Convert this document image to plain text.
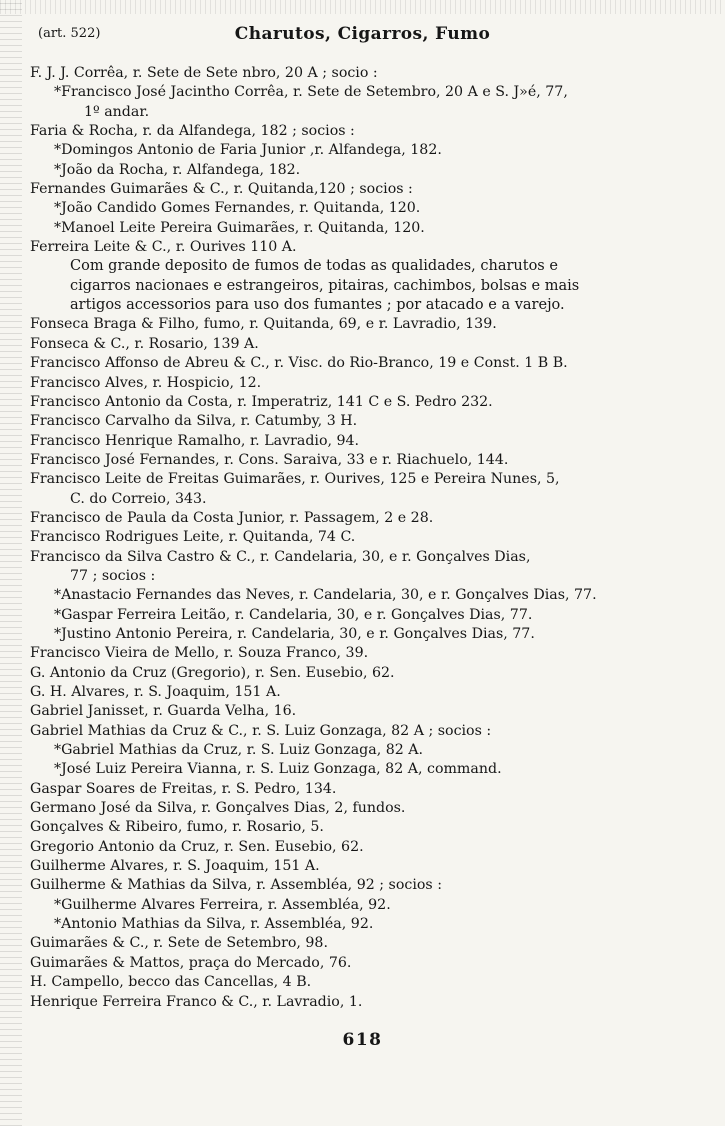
(art. 522)	Charutos, Cigarros, Fumo
F. J. J. Corrêa, r. Sete de Sete nbro, 20 A ; socio :
*Francisco José Jacintho Corrêa, r. Sete de Setembro, 20 A e S. J»é, 77,
1º andar.
Faria & Rocha, r. da Alfandega, 182 ; socios :
*Domingos Antonio de Faria Junior ,r. Alfandega, 182.
*João da Rocha, r. Alfandega, 182.
Fernandes Guimarães & C., r. Quitanda,120 ; socios :
*João Candido Gomes Fernandes, r. Quitanda, 120.
*Manoel Leite Pereira Guimarães, r. Quitanda, 120.
Ferreira Leite & C., r. Ourives 110 A.
Com grande deposito de fumos de todas as qualidades, charutos e
cigarros nacionaes e estrangeiros, pitairas, cachimbos, bolsas e mais
artigos accessorios para uso dos fumantes ; por atacado e a varejo.
Fonseca Braga & Filho, fumo, r. Quitanda, 69, e r. Lavradio, 139.
Fonseca & C., r. Rosario, 139 A.
Francisco Affonso de Abreu & C., r. Visc. do Rio-Branco, 19 e Const. 1 B B.
Francisco Alves, r. Hospicio, 12.
Francisco Antonio da Costa, r. Imperatriz, 141 C e S. Pedro 232.
Francisco Carvalho da Silva, r. Catumby, 3 H.
Francisco Henrique Ramalho, r. Lavradio, 94.
Francisco José Fernandes, r. Cons. Saraiva, 33 e r. Riachuelo, 144.
Francisco Leite de Freitas Guimarães, r. Ourives, 125 e Pereira Nunes, 5,
C. do Correio, 343.
Francisco de Paula da Costa Junior, r. Passagem, 2 e 28.
Francisco Rodrigues Leite, r. Quitanda, 74 C.
Francisco da Silva Castro & C., r. Candelaria, 30, e r. Gonçalves Dias,
77 ; socios :
*Anastacio Fernandes das Neves, r. Candelaria, 30, e r. Gonçalves Dias, 77.
*Gaspar Ferreira Leitão, r. Candelaria, 30, e r. Gonçalves Dias, 77.
*Justino Antonio Pereira, r. Candelaria, 30, e r. Gonçalves Dias, 77.
Francisco Vieira de Mello, r. Souza Franco, 39.
G. Antonio da Cruz (Gregorio), r. Sen. Eusebio, 62.
G. H. Alvares, r. S. Joaquim, 151 A.
Gabriel Janisset, r. Guarda Velha, 16.
Gabriel Mathias da Cruz & C., r. S. Luiz Gonzaga, 82 A ; socios :
*Gabriel Mathias da Cruz, r. S. Luiz Gonzaga, 82 A.
*José Luiz Pereira Vianna, r. S. Luiz Gonzaga, 82 A, command.
Gaspar Soares de Freitas, r. S. Pedro, 134.
Germano José da Silva, r. Gonçalves Dias, 2, fundos.
Gonçalves & Ribeiro, fumo, r. Rosario, 5.
Gregorio Antonio da Cruz, r. Sen. Eusebio, 62.
Guilherme Alvares, r. S. Joaquim, 151 A.
Guilherme & Mathias da Silva, r. Assembléa, 92 ; socios :
*Guilherme Alvares Ferreira, r. Assembléa, 92.
*Antonio Mathias da Silva, r. Assembléa, 92.
Guimarães & C., r. Sete de Setembro, 98.
Guimarães & Mattos, praça do Mercado, 76.
H. Campello, becco das Cancellas, 4 B.
Henrique Ferreira Franco & C., r. Lavradio, 1.
618
